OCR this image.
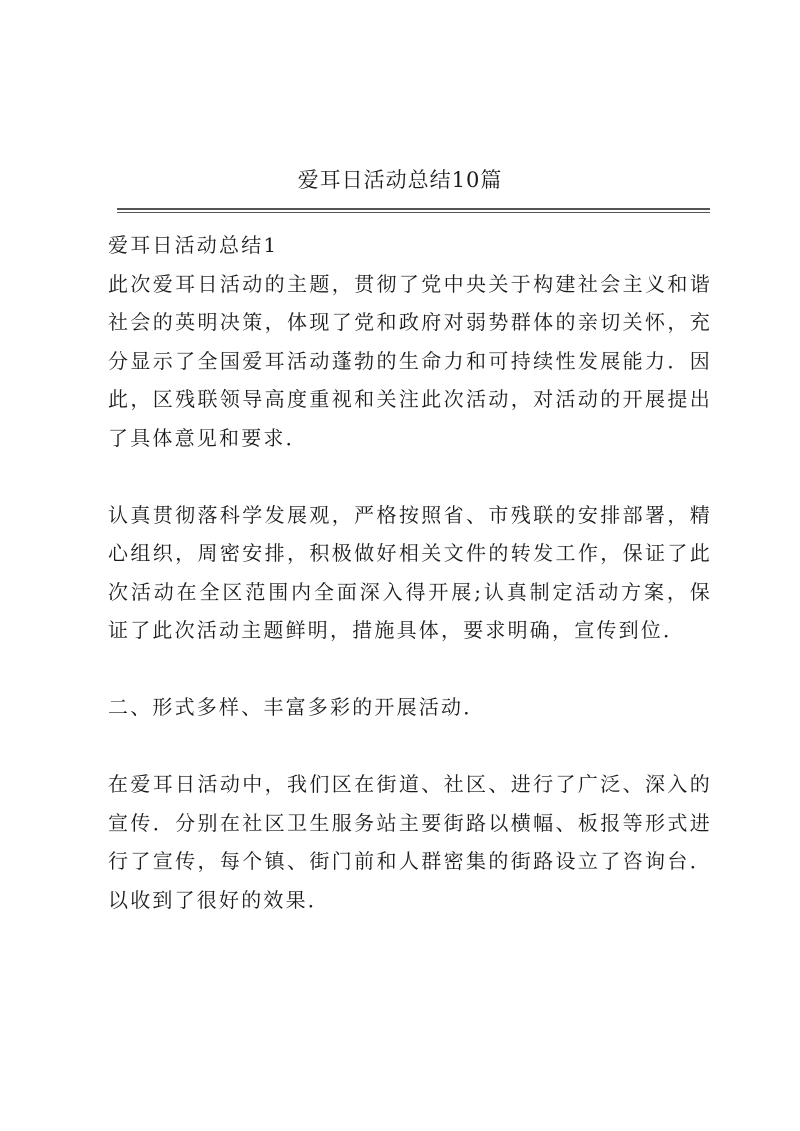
爱耳日活动总结10篇

爱耳日活动总结1

此次爱耳日活动的主题，贯彻了党中央关于构建社会主义和谐社会的英明决策，体现了党和政府对弱势群体的亲切关怀，充分显示了全国爱耳活动蓬勃的生命力和可持续性发展能力．因此，区残联领导高度重视和关注此次活动，对活动的开展提出了具体意见和要求．

认真贯彻落科学发展观，严格按照省、市残联的安排部署，精心组织，周密安排，积极做好相关文件的转发工作，保证了此次活动在全区范围内全面深入得开展;认真制定活动方案，保证了此次活动主题鲜明，措施具体，要求明确，宣传到位．

二、形式多样、丰富多彩的开展活动．

在爱耳日活动中，我们区在街道、社区、进行了广泛、深入的宣传．分别在社区卫生服务站主要街路以横幅、板报等形式进行了宣传，每个镇、街门前和人群密集的街路设立了咨询台．以收到了很好的效果．
